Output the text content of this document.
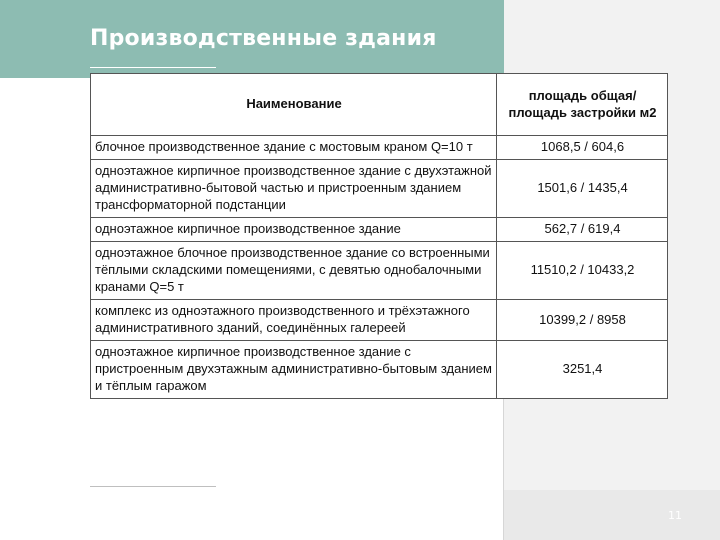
Производственные здания
Наименование	площадь общая/ площадь застройки м2

блочное производственное здание с мостовым краном Q=10 т	1068,5 / 604,6
одноэтажное кирпичное производственное здание с двухэтажной административно-бытовой частью и пристроенным зданием трансформаторной подстанции	1501,6 / 1435,4
одноэтажное кирпичное производственное здание	562,7 / 619,4
одноэтажное блочное производственное здание со встроенными тёплыми складскими помещениями, с девятью однобалочными кранами Q=5 т	11510,2 / 10433,2
комплекс из одноэтажного производственного и трёхэтажного административного зданий, соединённых галереей	10399,2 / 8958
одноэтажное кирпичное производственное здание с пристроенным двухэтажным административно-бытовым зданием и тёплым гаражом	3251,4
11
